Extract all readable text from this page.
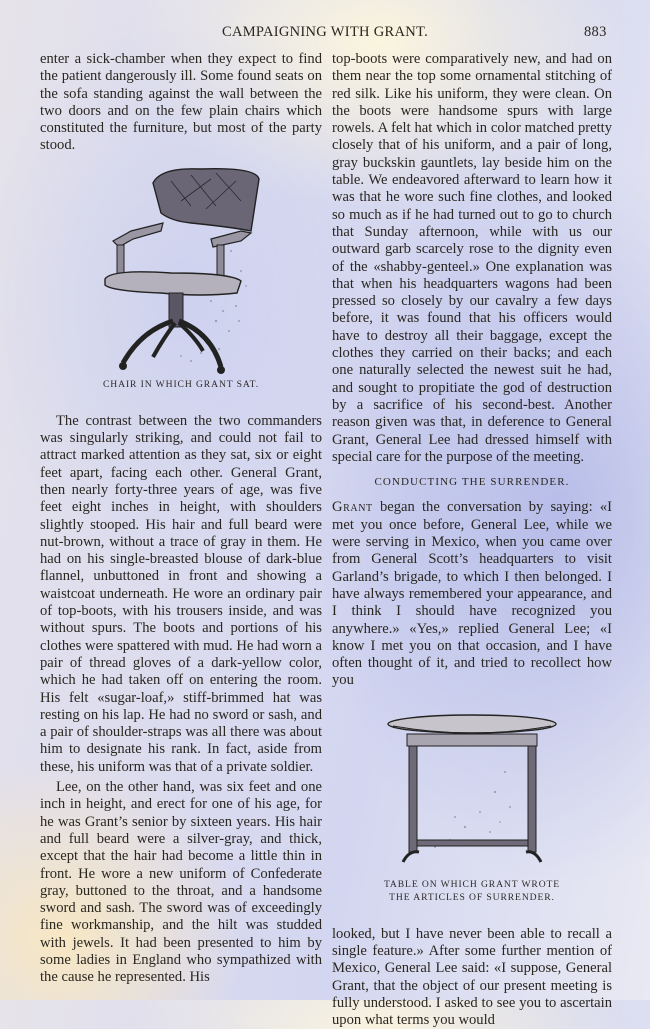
CAMPAIGNING WITH GRANT.	883

enter a sick-chamber when they expect to find the patient dangerously ill. Some found seats on the sofa standing against the wall between the two doors and on the few plain chairs which constituted the furniture, but most of the party stood.

CHAIR IN WHICH GRANT SAT.

The contrast between the two commanders was singularly striking, and could not fail to attract marked attention as they sat, six or eight feet apart, facing each other. General Grant, then nearly forty-three years of age, was five feet eight inches in height, with shoulders slightly stooped. His hair and full beard were nut-brown, without a trace of gray in them. He had on his single-breasted blouse of dark-blue flannel, unbuttoned in front and showing a waistcoat underneath. He wore an ordinary pair of top-boots, with his trousers inside, and was without spurs. The boots and portions of his clothes were spattered with mud. He had worn a pair of thread gloves of a dark-yellow color, which he had taken off on entering the room. His felt «sugar-loaf,» stiff-brimmed hat was resting on his lap. He had no sword or sash, and a pair of shoulder-straps was all there was about him to designate his rank. In fact, aside from these, his uniform was that of a private soldier.

Lee, on the other hand, was six feet and one inch in height, and erect for one of his age, for he was Grant’s senior by sixteen years. His hair and full beard were a silver-gray, and thick, except that the hair had become a little thin in front. He wore a new uniform of Confederate gray, buttoned to the throat, and a handsome sword and sash. The sword was of exceedingly fine workmanship, and the hilt was studded with jewels. It had been presented to him by some ladies in England who sympathized with the cause he represented. His

top-boots were comparatively new, and had on them near the top some ornamental stitching of red silk. Like his uniform, they were clean. On the boots were handsome spurs with large rowels. A felt hat which in color matched pretty closely that of his uniform, and a pair of long, gray buckskin gauntlets, lay beside him on the table. We endeavored afterward to learn how it was that he wore such fine clothes, and looked so much as if he had turned out to go to church that Sunday afternoon, while with us our outward garb scarcely rose to the dignity even of the «shabby-genteel.» One explanation was that when his headquarters wagons had been pressed so closely by our cavalry a few days before, it was found that his officers would have to destroy all their baggage, except the clothes they carried on their backs; and each one naturally selected the newest suit he had, and sought to propitiate the god of destruction by a sacrifice of his second-best. Another reason given was that, in deference to General Grant, General Lee had dressed himself with special care for the purpose of the meeting.

CONDUCTING THE SURRENDER.

Grant began the conversation by saying: «I met you once before, General Lee, while we were serving in Mexico, when you came over from General Scott’s headquarters to visit Garland’s brigade, to which I then belonged. I have always remembered your appearance, and I think I should have recognized you anywhere.» «Yes,» replied General Lee; «I know I met you on that occasion, and I have often thought of it, and tried to recollect how you

TABLE ON WHICH GRANT WROTE
THE ARTICLES OF SURRENDER.

looked, but I have never been able to recall a single feature.» After some further mention of Mexico, General Lee said: «I suppose, General Grant, that the object of our present meeting is fully understood. I asked to see you to ascertain upon what terms you would
